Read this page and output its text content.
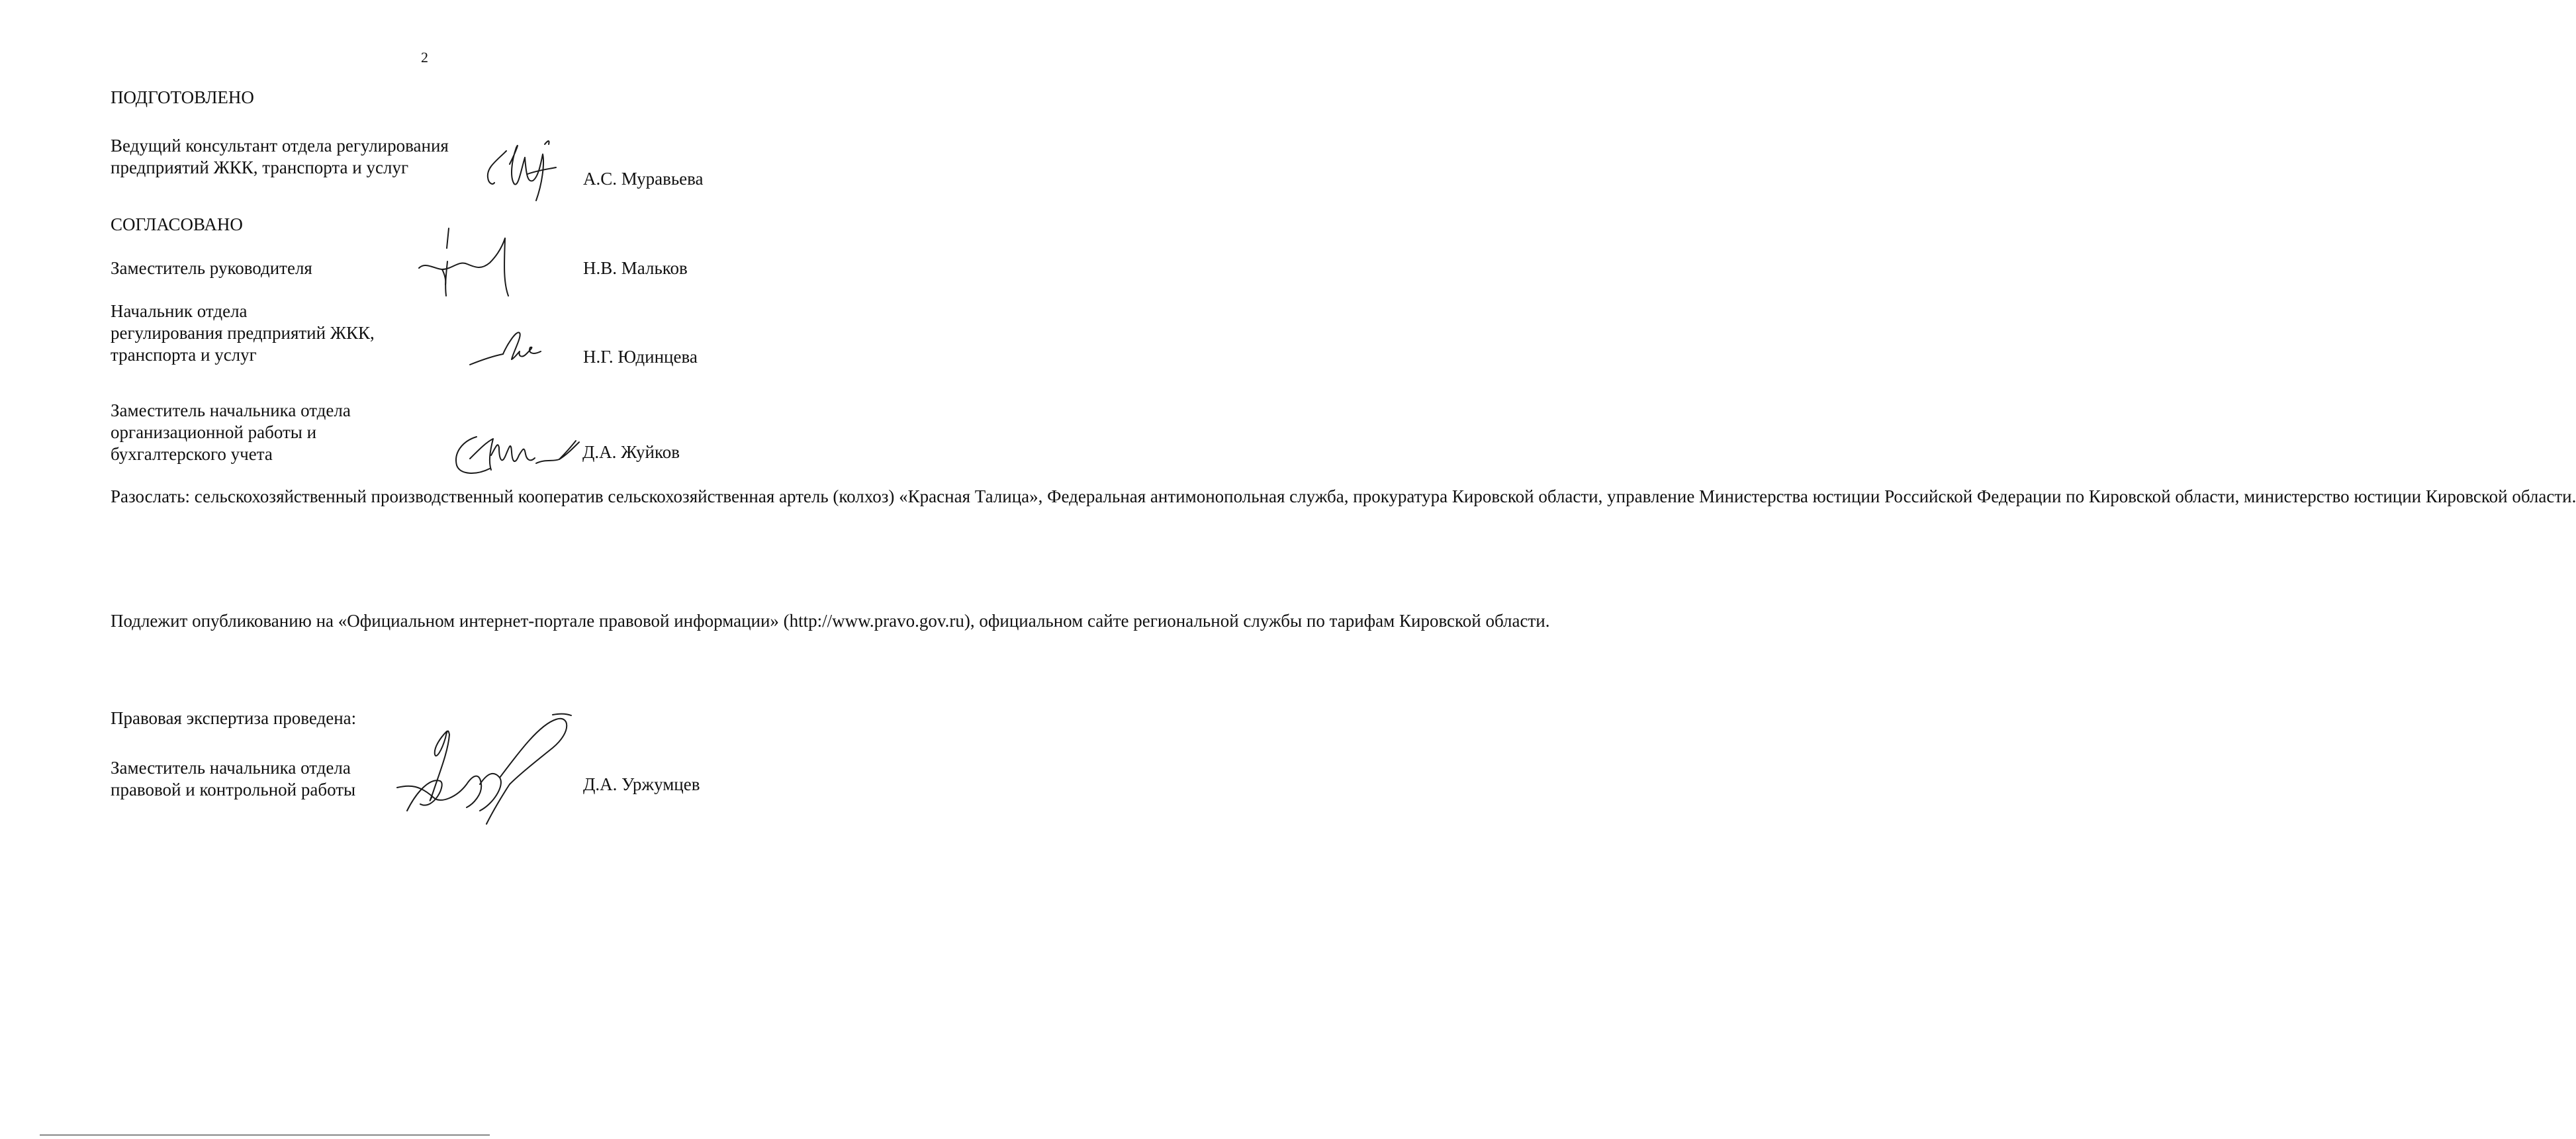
2
ПОДГОТОВЛЕНО
Ведущий консультант отдела регулирования
предприятий ЖКК, транспорта и услуг
А.С. Муравьева
СОГЛАСОВАНО
Заместитель руководителя	Н.В. Мальков
Начальник отдела
регулирования предприятий ЖКК,
транспорта и услуг	Н.Г. Юдинцева
Заместитель начальника отдела
организационной работы и
бухгалтерского учета	Д.А. Жуйков
Разослать: сельскохозяйственный производственный кооператив сельскохозяйственная артель (колхоз) «Красная Талица», Федеральная антимонопольная служба, прокуратура Кировской области, управление Министерства юстиции Российской Федерации по Кировской области, министерство юстиции Кировской области.
Подлежит опубликованию на «Официальном интернет-портале правовой информации» (http://www.pravo.gov.ru), официальном сайте региональной службы по тарифам Кировской области.
Правовая экспертиза проведена:
Заместитель начальника отдела
правовой и контрольной работы	Д.А. Уржумцев
